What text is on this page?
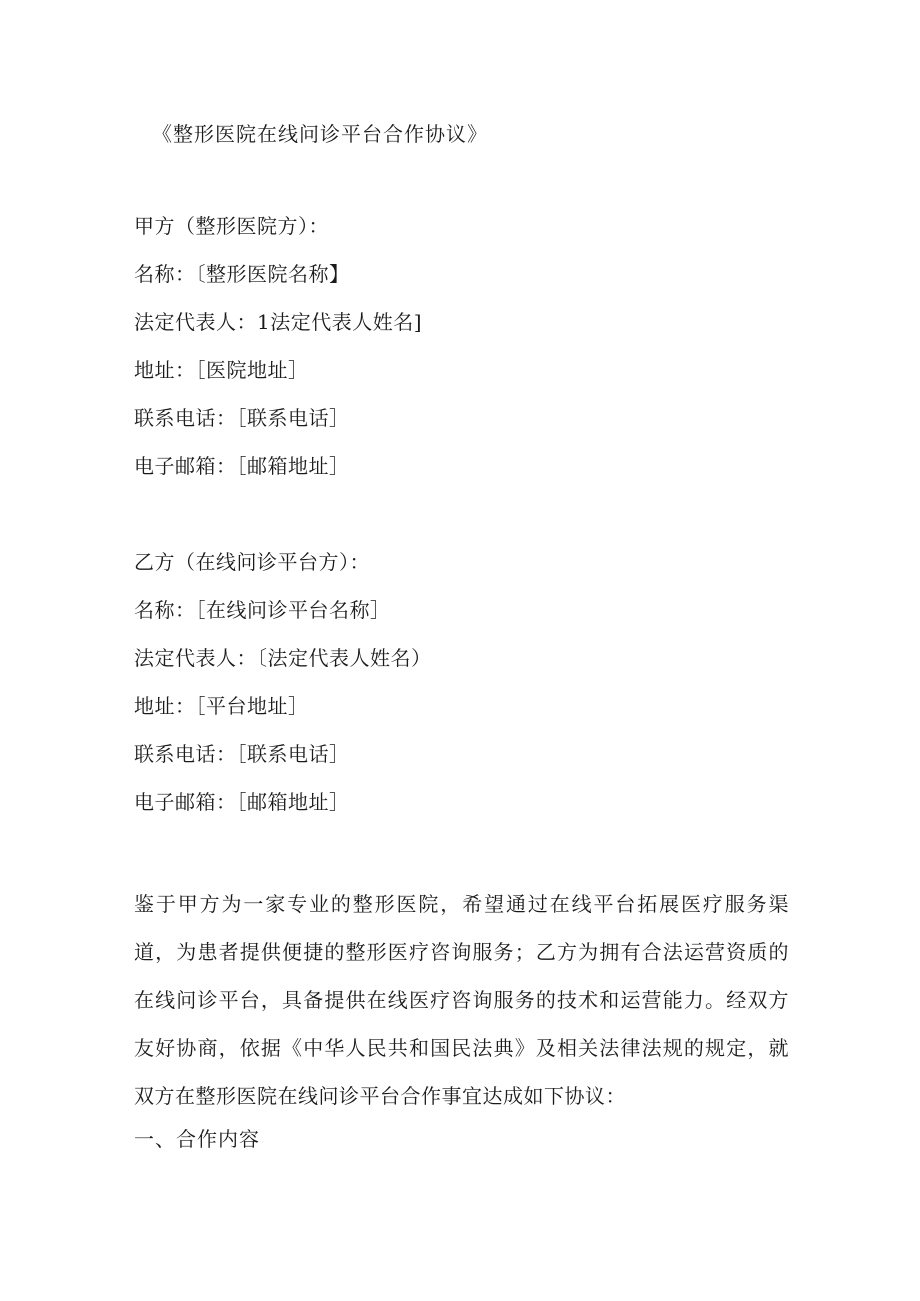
《整形医院在线问诊平台合作协议》
甲方（整形医院方）：
名称：〔整形医院名称】
法定代表人：1法定代表人姓名]
地址：［医院地址］
联系电话：［联系电话］
电子邮箱：［邮箱地址］
乙方（在线问诊平台方）：
名称：［在线问诊平台名称］
法定代表人：〔法定代表人姓名）
地址：［平台地址］
联系电话：［联系电话］
电子邮箱：［邮箱地址］
鉴于甲方为一家专业的整形医院，希望通过在线平台拓展医疗服务渠道，为患者提供便捷的整形医疗咨询服务；乙方为拥有合法运营资质的在线问诊平台，具备提供在线医疗咨询服务的技术和运营能力。经双方友好协商，依据《中华人民共和国民法典》及相关法律法规的规定，就双方在整形医院在线问诊平台合作事宜达成如下协议：
一、合作内容
